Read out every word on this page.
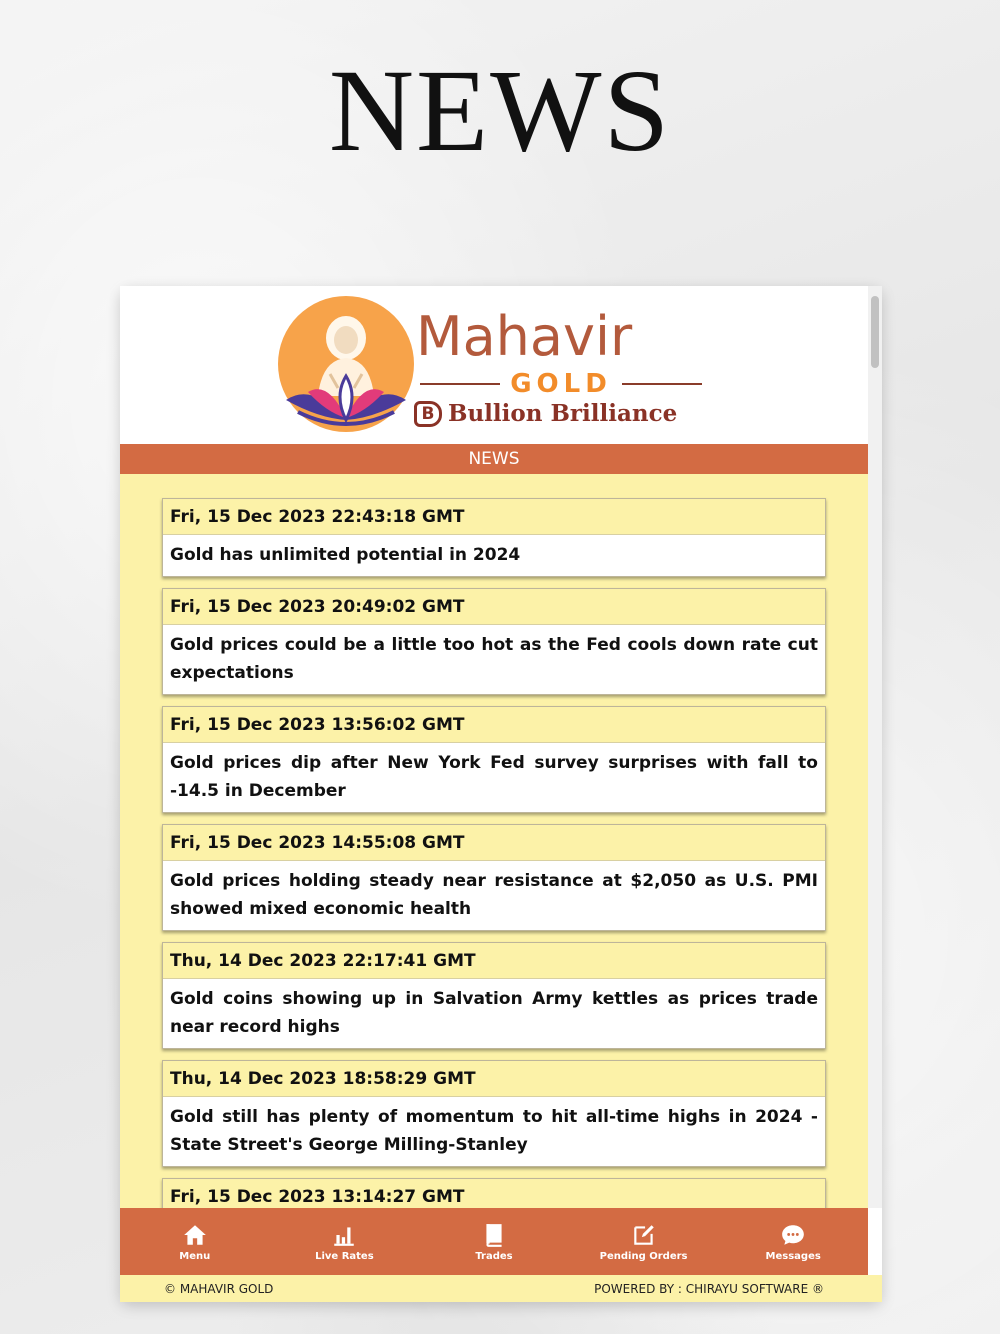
NEWS
Mahavir
GOLD
B Bullion Brilliance
NEWS
Fri, 15 Dec 2023 22:43:18 GMT
Gold has unlimited potential in 2024
Fri, 15 Dec 2023 20:49:02 GMT
Gold prices could be a little too hot as the Fed cools down rate cut expectations
Fri, 15 Dec 2023 13:56:02 GMT
Gold prices dip after New York Fed survey surprises with fall to -14.5 in December
Fri, 15 Dec 2023 14:55:08 GMT
Gold prices holding steady near resistance at $2,050 as U.S. PMI showed mixed economic health
Thu, 14 Dec 2023 22:17:41 GMT
Gold coins showing up in Salvation Army kettles as prices trade near record highs
Thu, 14 Dec 2023 18:58:29 GMT
Gold still has plenty of momentum to hit all-time highs in 2024 - State Street's George Milling-Stanley
Fri, 15 Dec 2023 13:14:27 GMT
Menu	Live Rates	Trades	Pending Orders	Messages
© MAHAVIR GOLD	POWERED BY : CHIRAYU SOFTWARE ®
